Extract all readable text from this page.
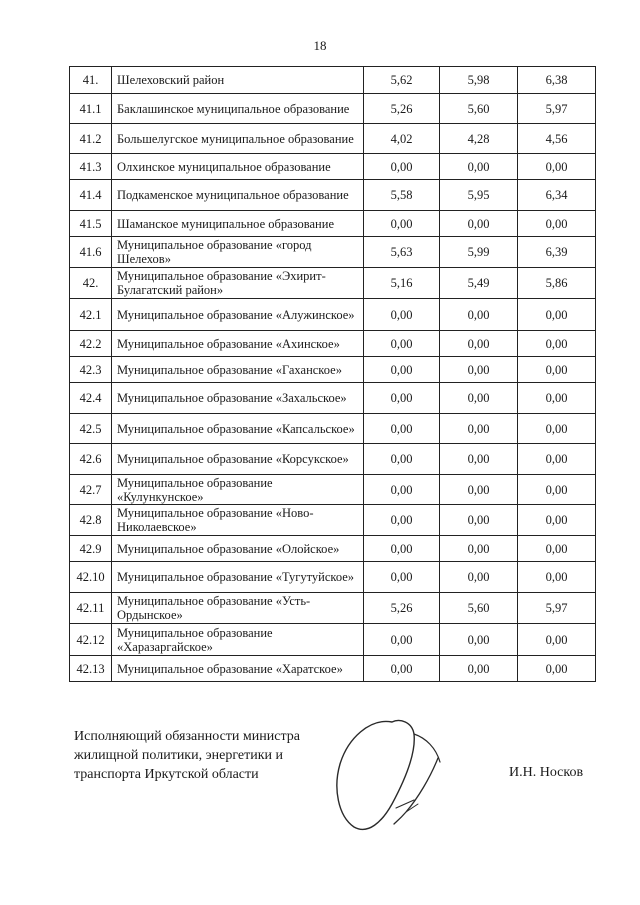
18
41.	Шелеховский район	5,62	5,98	6,38
41.1	Баклашинское муниципальное образование	5,26	5,60	5,97
41.2	Большелугское муниципальное образование	4,02	4,28	4,56
41.3	Олхинское муниципальное образование	0,00	0,00	0,00
41.4	Подкаменское муниципальное образование	5,58	5,95	6,34
41.5	Шаманское муниципальное образование	0,00	0,00	0,00
41.6	Муниципальное образование «город Шелехов»	5,63	5,99	6,39
42.	Муниципальное образование «Эхирит-Булагатский район»	5,16	5,49	5,86
42.1	Муниципальное образование «Алужинское»	0,00	0,00	0,00
42.2	Муниципальное образование «Ахинское»	0,00	0,00	0,00
42.3	Муниципальное образование «Гаханское»	0,00	0,00	0,00
42.4	Муниципальное образование «Захальское»	0,00	0,00	0,00
42.5	Муниципальное образование «Капсальское»	0,00	0,00	0,00
42.6	Муниципальное образование «Корсукское»	0,00	0,00	0,00
42.7	Муниципальное образование «Кулункунское»	0,00	0,00	0,00
42.8	Муниципальное образование «Ново-Николаевское»	0,00	0,00	0,00
42.9	Муниципальное образование «Олойское»	0,00	0,00	0,00
42.10	Муниципальное образование «Тугутуйское»	0,00	0,00	0,00
42.11	Муниципальное образование «Усть-Ордынское»	5,26	5,60	5,97
42.12	Муниципальное образование «Харазаргайское»	0,00	0,00	0,00
42.13	Муниципальное образование «Харатское»	0,00	0,00	0,00
Исполняющий обязанности министра
жилищной политики, энергетики и
транспорта Иркутской области	И.Н. Носков
